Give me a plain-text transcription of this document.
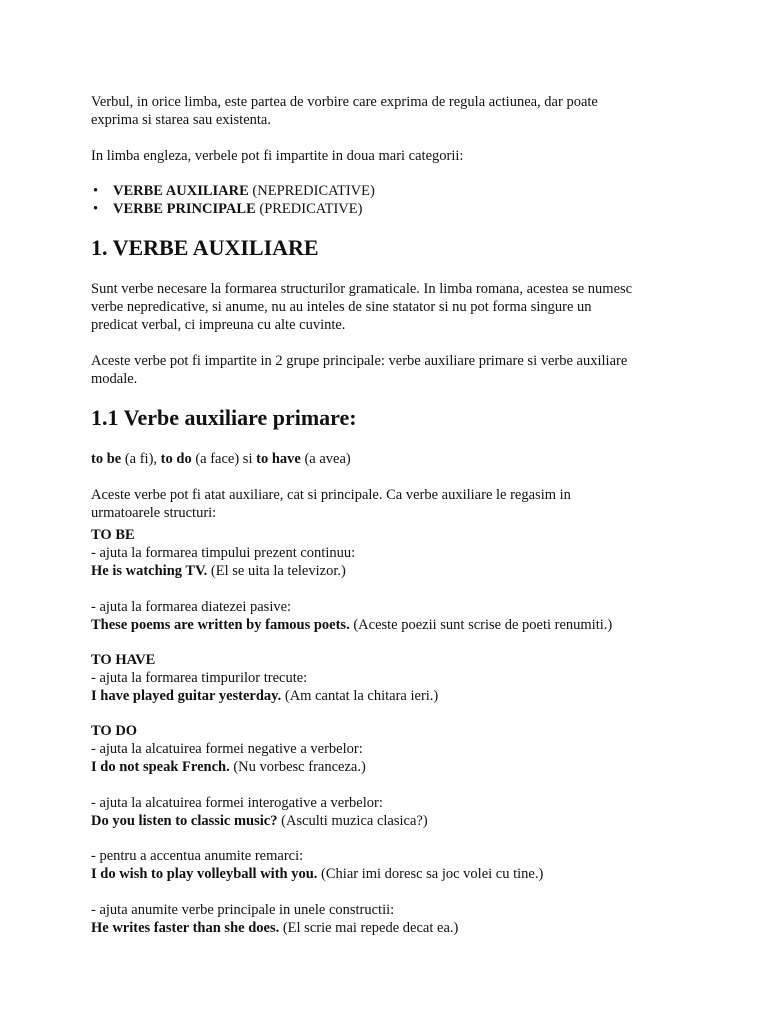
Verbul, in orice limba, este partea de vorbire care exprima de regula actiunea, dar poate
exprima si starea sau existenta.
In limba engleza, verbele pot fi impartite in doua mari categorii:
• VERBE AUXILIARE (NEPREDICATIVE)
• VERBE PRINCIPALE (PREDICATIVE)
1. VERBE AUXILIARE
Sunt verbe necesare la formarea structurilor gramaticale. In limba romana, acestea se numesc
verbe nepredicative, si anume, nu au inteles de sine statator si nu pot forma singure un
predicat verbal, ci impreuna cu alte cuvinte.
Aceste verbe pot fi impartite in 2 grupe principale: verbe auxiliare primare si verbe auxiliare
modale.
1.1 Verbe auxiliare primare:
to be (a fi), to do (a face) si to have (a avea)
Aceste verbe pot fi atat auxiliare, cat si principale. Ca verbe auxiliare le regasim in
urmatoarele structuri:
TO BE
- ajuta la formarea timpului prezent continuu:
He is watching TV. (El se uita la televizor.)
- ajuta la formarea diatezei pasive:
These poems are written by famous poets. (Aceste poezii sunt scrise de poeti renumiti.)
TO HAVE
- ajuta la formarea timpurilor trecute:
I have played guitar yesterday. (Am cantat la chitara ieri.)
TO DO
- ajuta la alcatuirea formei negative a verbelor:
I do not speak French. (Nu vorbesc franceza.)
- ajuta la alcatuirea formei interogative a verbelor:
Do you listen to classic music? (Asculti muzica clasica?)
- pentru a accentua anumite remarci:
I do wish to play volleyball with you. (Chiar imi doresc sa joc volei cu tine.)
- ajuta anumite verbe principale in unele constructii:
He writes faster than she does. (El scrie mai repede decat ea.)
